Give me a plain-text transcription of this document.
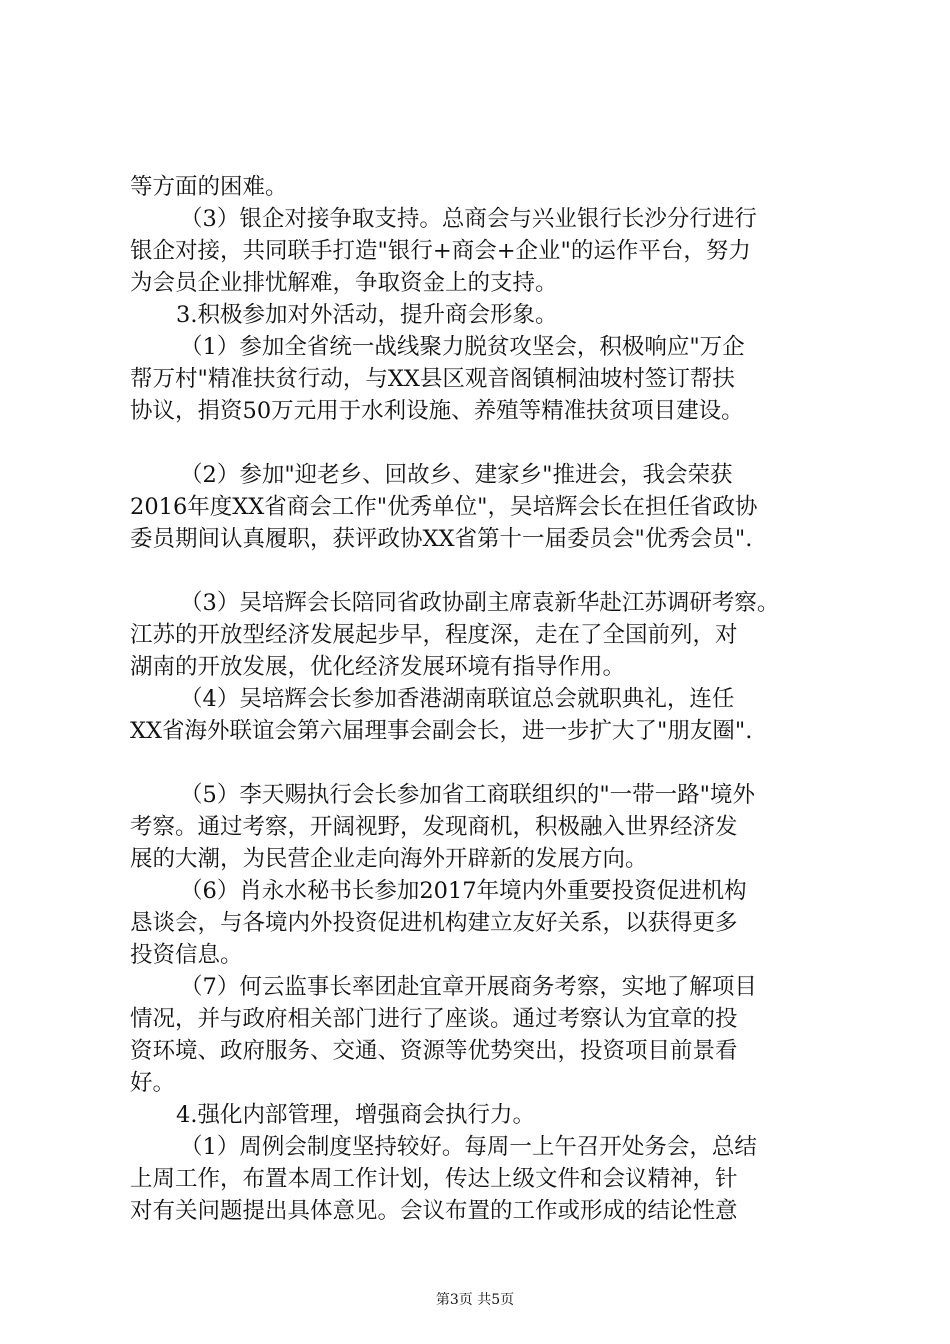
等方面的困难。
（3）银企对接争取支持。总商会与兴业银行长沙分行进行
银企对接，共同联手打造"银行+商会+企业"的运作平台，努力
为会员企业排忧解难，争取资金上的支持。
3.积极参加对外活动，提升商会形象。
（1）参加全省统一战线聚力脱贫攻坚会，积极响应"万企
帮万村"精准扶贫行动，与XX县区观音阁镇桐油坡村签订帮扶
协议，捐资50万元用于水利设施、养殖等精准扶贫项目建设。
（2）参加"迎老乡、回故乡、建家乡"推进会，我会荣获
2016年度XX省商会工作"优秀单位"，吴培辉会长在担任省政协
委员期间认真履职，获评政协XX省第十一届委员会"优秀会员".
（3）吴培辉会长陪同省政协副主席袁新华赴江苏调研考察。
江苏的开放型经济发展起步早，程度深，走在了全国前列，对
湖南的开放发展，优化经济发展环境有指导作用。
（4）吴培辉会长参加香港湖南联谊总会就职典礼，连任
XX省海外联谊会第六届理事会副会长，进一步扩大了"朋友圈".
（5）李天赐执行会长参加省工商联组织的"一带一路"境外
考察。通过考察，开阔视野，发现商机，积极融入世界经济发
展的大潮，为民营企业走向海外开辟新的发展方向。
（6）肖永水秘书长参加2017年境内外重要投资促进机构
恳谈会，与各境内外投资促进机构建立友好关系，以获得更多
投资信息。
（7）何云监事长率团赴宜章开展商务考察，实地了解项目
情况，并与政府相关部门进行了座谈。通过考察认为宜章的投
资环境、政府服务、交通、资源等优势突出，投资项目前景看
好。
4.强化内部管理，增强商会执行力。
（1）周例会制度坚持较好。每周一上午召开处务会，总结
上周工作，布置本周工作计划，传达上级文件和会议精神，针
对有关问题提出具体意见。会议布置的工作或形成的结论性意
第3页 共5页
